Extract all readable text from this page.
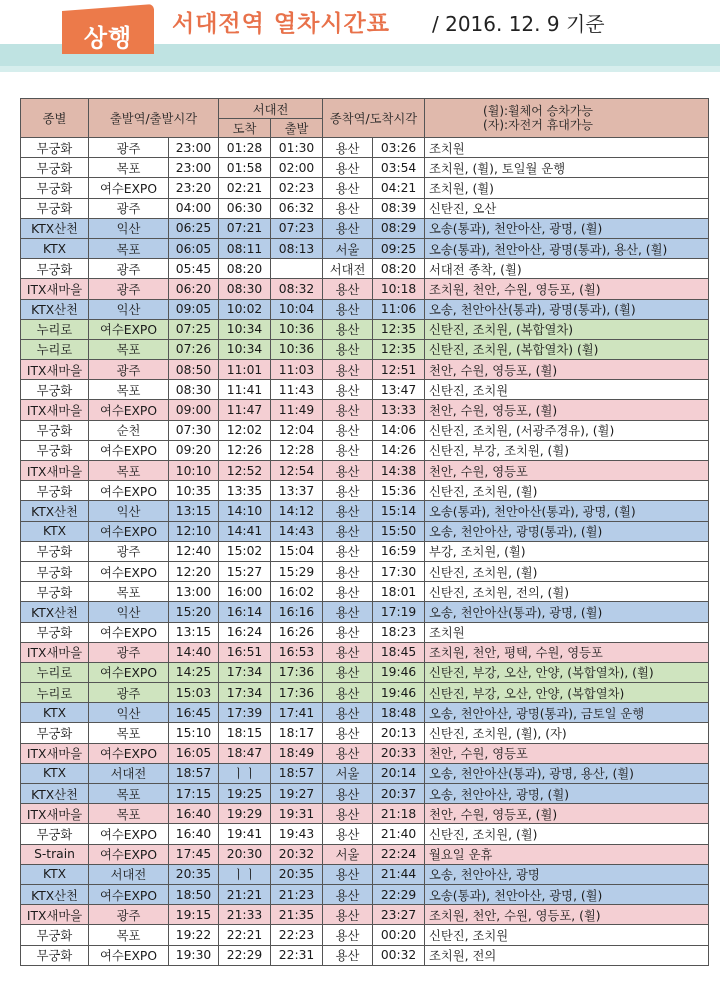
상행	서대전역 열차시간표 / 2016. 12. 9 기준
종별	출발역/출발시각		서대전		종착역/도착시각		(휠):휠체어 승차가능
(자):자전거 휴대가능

			도착	출발			
무궁화	광주	23:00	01:28	01:30	용산	03:26	조치원
무궁화	목포	23:00	01:58	02:00	용산	03:54	조치원, (휠), 토일월 운행
무궁화	여수EXPO	23:20	02:21	02:23	용산	04:21	조치원, (휠)
무궁화	광주	04:00	06:30	06:32	용산	08:39	신탄진, 오산
KTX산천	익산	06:25	07:21	07:23	용산	08:29	오송(통과), 천안아산, 광명, (휠)
KTX	목포	06:05	08:11	08:13	서울	09:25	오송(통과), 천안아산, 광명(통과), 용산, (휠)
무궁화	광주	05:45	08:20		서대전	08:20	서대전 종착, (휠)
ITX새마을	광주	06:20	08:30	08:32	용산	10:18	조치원, 천안, 수원, 영등포, (휠)
KTX산천	익산	09:05	10:02	10:04	용산	11:06	오송, 천안아산(통과), 광명(통과), (휠)
누리로	여수EXPO	07:25	10:34	10:36	용산	12:35	신탄진, 조치원, (복합열차)
누리로	목포	07:26	10:34	10:36	용산	12:35	신탄진, 조치원, (복합열차) (휠)
ITX새마을	광주	08:50	11:01	11:03	용산	12:51	천안, 수원, 영등포, (휠)
무궁화	목포	08:30	11:41	11:43	용산	13:47	신탄진, 조치원
ITX새마을	여수EXPO	09:00	11:47	11:49	용산	13:33	천안, 수원, 영등포, (휠)
무궁화	순천	07:30	12:02	12:04	용산	14:06	신탄진, 조치원, (서광주경유), (휠)
무궁화	여수EXPO	09:20	12:26	12:28	용산	14:26	신탄진, 부강, 조치원, (휠)
ITX새마을	목포	10:10	12:52	12:54	용산	14:38	천안, 수원, 영등포
무궁화	여수EXPO	10:35	13:35	13:37	용산	15:36	신탄진, 조치원, (휠)
KTX산천	익산	13:15	14:10	14:12	용산	15:14	오송(통과), 천안아산(통과), 광명, (휠)
KTX	여수EXPO	12:10	14:41	14:43	용산	15:50	오송, 천안아산, 광명(통과), (휠)
무궁화	광주	12:40	15:02	15:04	용산	16:59	부강, 조치원, (휠)
무궁화	여수EXPO	12:20	15:27	15:29	용산	17:30	신탄진, 조치원, (휠)
무궁화	목포	13:00	16:00	16:02	용산	18:01	신탄진, 조치원, 전의, (휠)
KTX산천	익산	15:20	16:14	16:16	용산	17:19	오송, 천안아산(통과), 광명, (휠)
무궁화	여수EXPO	13:15	16:24	16:26	용산	18:23	조치원
ITX새마을	광주	14:40	16:51	16:53	용산	18:45	조치원, 천안, 평택, 수원, 영등포
누리로	여수EXPO	14:25	17:34	17:36	용산	19:46	신탄진, 부강, 오산, 안양, (복합열차), (휠)
누리로	광주	15:03	17:34	17:36	용산	19:46	신탄진, 부강, 오산, 안양, (복합열차)
KTX	익산	16:45	17:39	17:41	용산	18:48	오송, 천안아산, 광명(통과), 금토일 운행
무궁화	목포	15:10	18:15	18:17	용산	20:13	신탄진, 조치원, (휠), (자)
ITX새마을	여수EXPO	16:05	18:47	18:49	용산	20:33	천안, 수원, 영등포
KTX	서대전	18:57	ㅣㅣ	18:57	서울	20:14	오송, 천안아산(통과), 광명, 용산, (휠)
KTX산천	목포	17:15	19:25	19:27	용산	20:37	오송, 천안아산, 광명, (휠)
ITX새마을	목포	16:40	19:29	19:31	용산	21:18	천안, 수원, 영등포, (휠)
무궁화	여수EXPO	16:40	19:41	19:43	용산	21:40	신탄진, 조치원, (휠)
S-train	여수EXPO	17:45	20:30	20:32	서울	22:24	월요일 운휴
KTX	서대전	20:35	ㅣㅣ	20:35	용산	21:44	오송, 천안아산, 광명
KTX산천	여수EXPO	18:50	21:21	21:23	용산	22:29	오송(통과), 천안아산, 광명, (휠)
ITX새마을	광주	19:15	21:33	21:35	용산	23:27	조치원, 천안, 수원, 영등포, (휠)
무궁화	목포	19:22	22:21	22:23	용산	00:20	신탄진, 조치원
무궁화	여수EXPO	19:30	22:29	22:31	용산	00:32	조치원, 전의
